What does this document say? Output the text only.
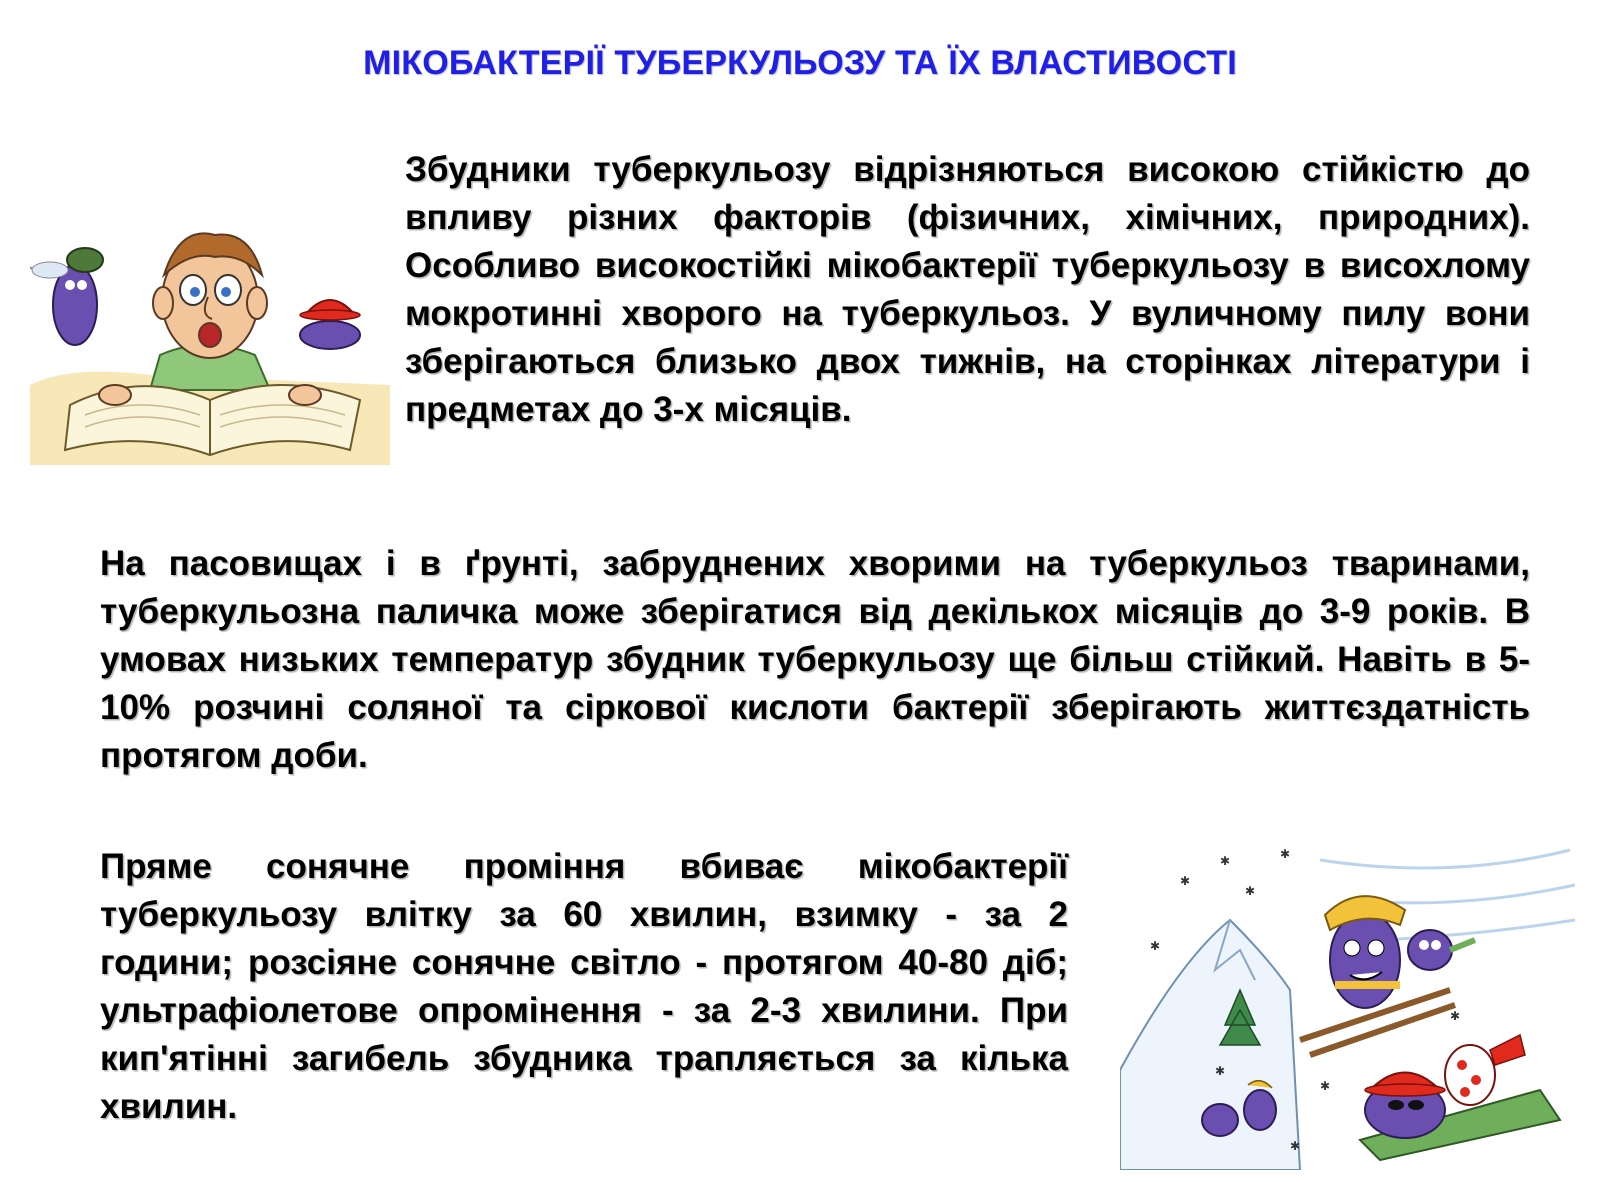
МІКОБАКТЕРІЇ ТУБЕРКУЛЬОЗУ ТА ЇХ ВЛАСТИВОСТІ
Збудники туберкульозу відрізняються високою стійкістю до впливу різних факторів (фізичних, хімічних, природних). Особливо високостійкі мікобактерії туберкульозу в висохлому мокротинні хворого на туберкульоз. У вуличному пилу вони зберігаються близько двох тижнів, на сторінках літератури і предметах до 3-х місяців.
На пасовищах і в ґрунті, забруднених хворими на туберкульоз тваринами, туберкульозна паличка може зберігатися від декількох місяців до 3-9 років. В умовах низьких температур збудник туберкульозу ще більш стійкий. Навіть в 5-10% розчині соляної та сіркової кислоти бактерії зберігають життєздатність протягом доби.
Пряме сонячне проміння вбиває мікобактерії туберкульозу влітку за 60 хвилин, взимку - за 2 години; розсіяне сонячне світло - протягом 40-80 діб; ультрафіолетове опромінення - за 2-3 хвилини. При кип'ятінні загибель збудника трапляється за кілька хвилин.
✱	✱
✱
✱
✱
✱
✱
✱
✱
